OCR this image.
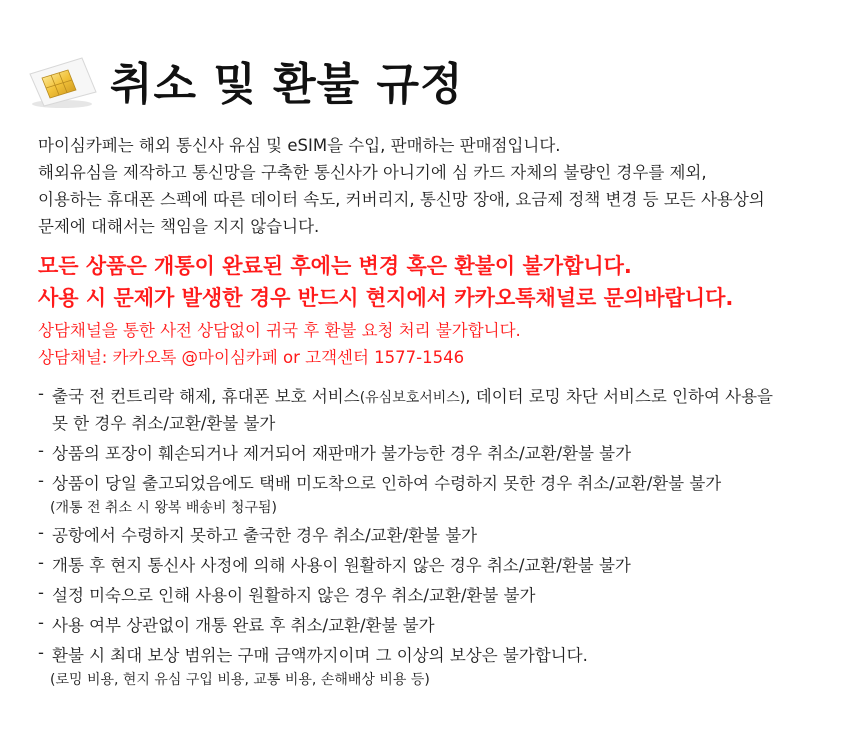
취소 및 환불 규정
마이심카페는 해외 통신사 유심 및 eSIM을 수입, 판매하는 판매점입니다.
해외유심을 제작하고 통신망을 구축한 통신사가 아니기에 심 카드 자체의 불량인 경우를 제외,
이용하는 휴대폰 스펙에 따른 데이터 속도, 커버리지, 통신망 장애, 요금제 정책 변경 등 모든 사용상의
문제에 대해서는 책임을 지지 않습니다.
모든 상품은 개통이 완료된 후에는 변경 혹은 환불이 불가합니다.
사용 시 문제가 발생한 경우 반드시 현지에서 카카오톡채널로 문의바랍니다.
상담채널을 통한 사전 상담없이 귀국 후 환불 요청 처리 불가합니다.
상담채널: 카카오톡 @마이심카페 or 고객센터 1577-1546
- 출국 전 컨트리락 해제, 휴대폰 보호 서비스(유심보호서비스), 데이터 로밍 차단 서비스로 인하여 사용을
못 한 경우 취소/교환/환불 불가
- 상품의 포장이 훼손되거나 제거되어 재판매가 불가능한 경우 취소/교환/환불 불가
- 상품이 당일 출고되었음에도 택배 미도착으로 인하여 수령하지 못한 경우 취소/교환/환불 불가
(개통 전 취소 시 왕복 배송비 청구됨)
- 공항에서 수령하지 못하고 출국한 경우 취소/교환/환불 불가
- 개통 후 현지 통신사 사정에 의해 사용이 원활하지 않은 경우 취소/교환/환불 불가
- 설정 미숙으로 인해 사용이 원활하지 않은 경우 취소/교환/환불 불가
- 사용 여부 상관없이 개통 완료 후 취소/교환/환불 불가
- 환불 시 최대 보상 범위는 구매 금액까지이며 그 이상의 보상은 불가합니다.
(로밍 비용, 현지 유심 구입 비용, 교통 비용, 손해배상 비용 등)
